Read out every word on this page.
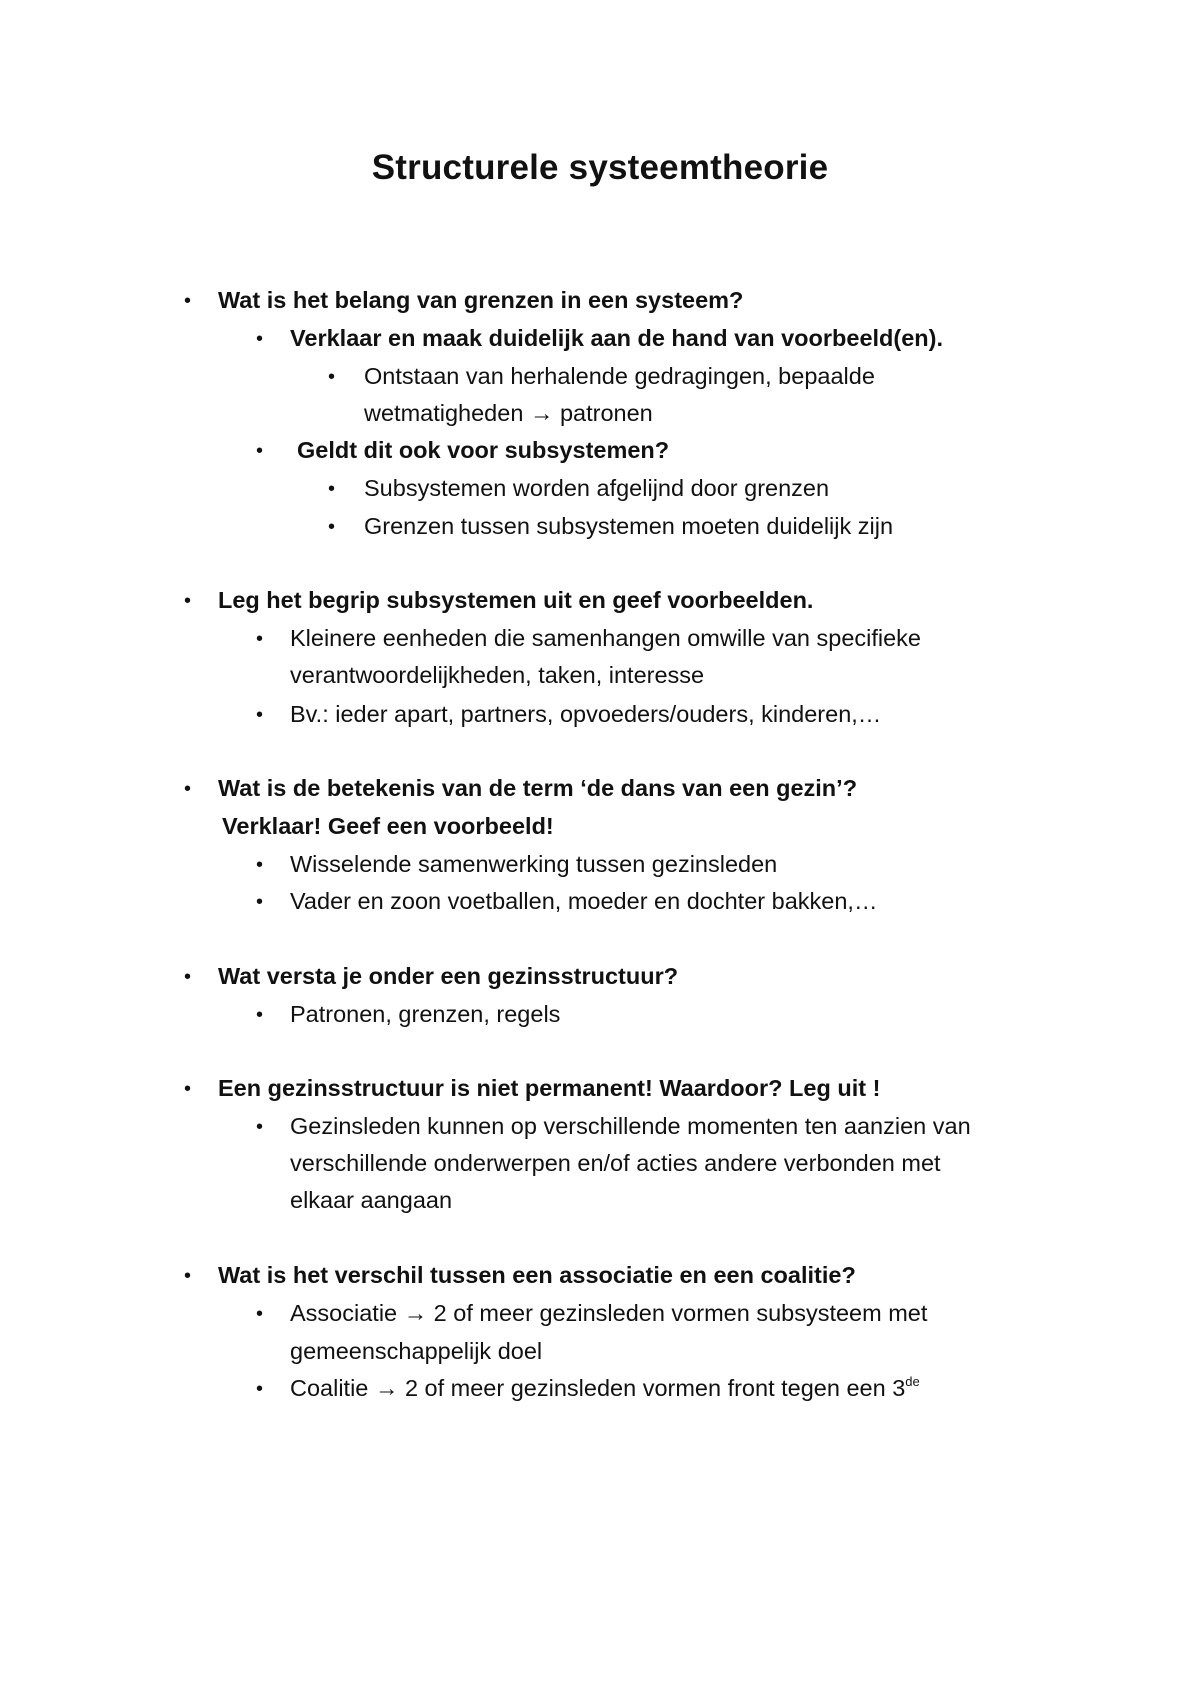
Structurele systeemtheorie
• Wat is het belang van grenzen in een systeem?
• Verklaar en maak duidelijk aan de hand van voorbeeld(en).
• Ontstaan van herhalende gedragingen, bepaalde
wetmatigheden → patronen
• Geldt dit ook voor subsystemen?
• Subsystemen worden afgelijnd door grenzen
• Grenzen tussen subsystemen moeten duidelijk zijn
• Leg het begrip subsystemen uit en geef voorbeelden.
• Kleinere eenheden die samenhangen omwille van specifieke
verantwoordelijkheden, taken, interesse
• Bv.: ieder apart, partners, opvoeders/ouders, kinderen,…
• Wat is de betekenis van de term ‘de dans van een gezin’?
Verklaar! Geef een voorbeeld!
• Wisselende samenwerking tussen gezinsleden
• Vader en zoon voetballen, moeder en dochter bakken,…
• Wat versta je onder een gezinsstructuur?
• Patronen, grenzen, regels
• Een gezinsstructuur is niet permanent! Waardoor? Leg uit !
• Gezinsleden kunnen op verschillende momenten ten aanzien van
verschillende onderwerpen en/of acties andere verbonden met
elkaar aangaan
• Wat is het verschil tussen een associatie en een coalitie?
• Associatie → 2 of meer gezinsleden vormen subsysteem met
gemeenschappelijk doel
• Coalitie → 2 of meer gezinsleden vormen front tegen een 3de
